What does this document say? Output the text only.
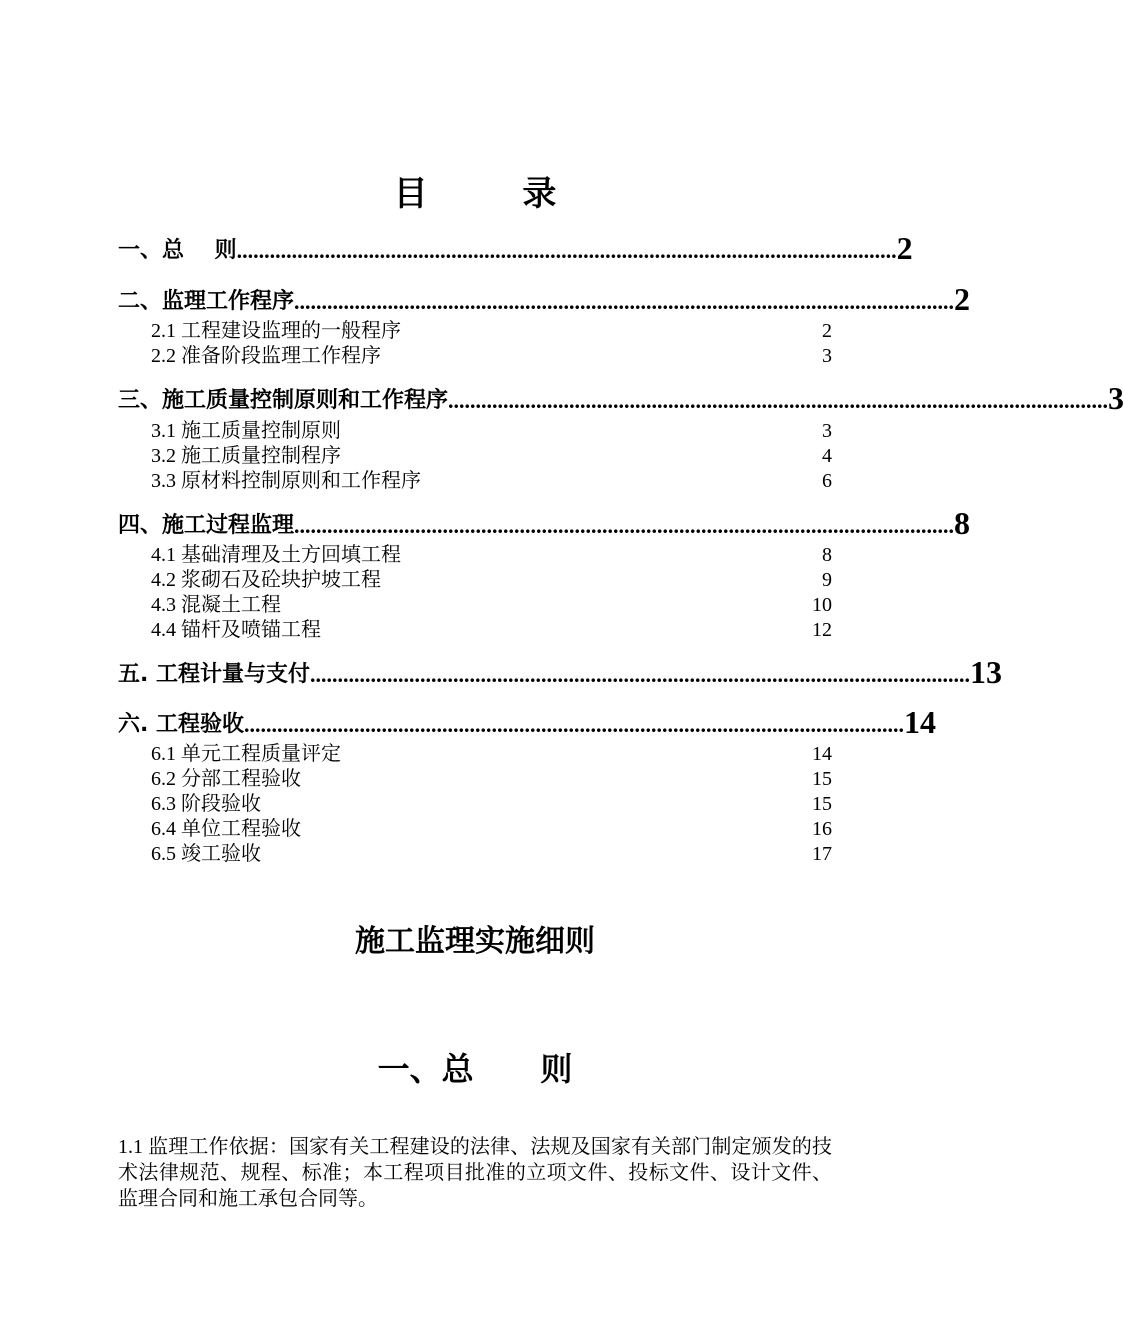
目        录
一、总    则 ........................................................................................................................ 2
二、监理工作程序 ........................................................................................................................ 2
2.1 工程建设监理的一般程序	2
2.2 准备阶段监理工作程序	3
三、施工质量控制原则和工作程序 ........................................................................................................................ 3
3.1 施工质量控制原则	3
3.2 施工质量控制程序	4
3.3 原材料控制原则和工作程序	6
四、施工过程监理 ........................................................................................................................ 8
4.1 基础清理及土方回填工程	8
4.2 浆砌石及砼块护坡工程	9
4.3 混凝土工程	10
4.4 锚杆及喷锚工程	12
五. 工程计量与支付 ........................................................................................................................ 13
六. 工程验收 ........................................................................................................................ 14
6.1 单元工程质量评定	14
6.2 分部工程验收	15
6.3 阶段验收	15
6.4 单位工程验收	16
6.5 竣工验收	17
施工监理实施细则
一、总      则
1.1 监理工作依据：国家有关工程建设的法律、法规及国家有关部门制定颁发的技术法律规范、规程、标准；本工程项目批准的立项文件、投标文件、设计文件、监理合同和施工承包合同等。
